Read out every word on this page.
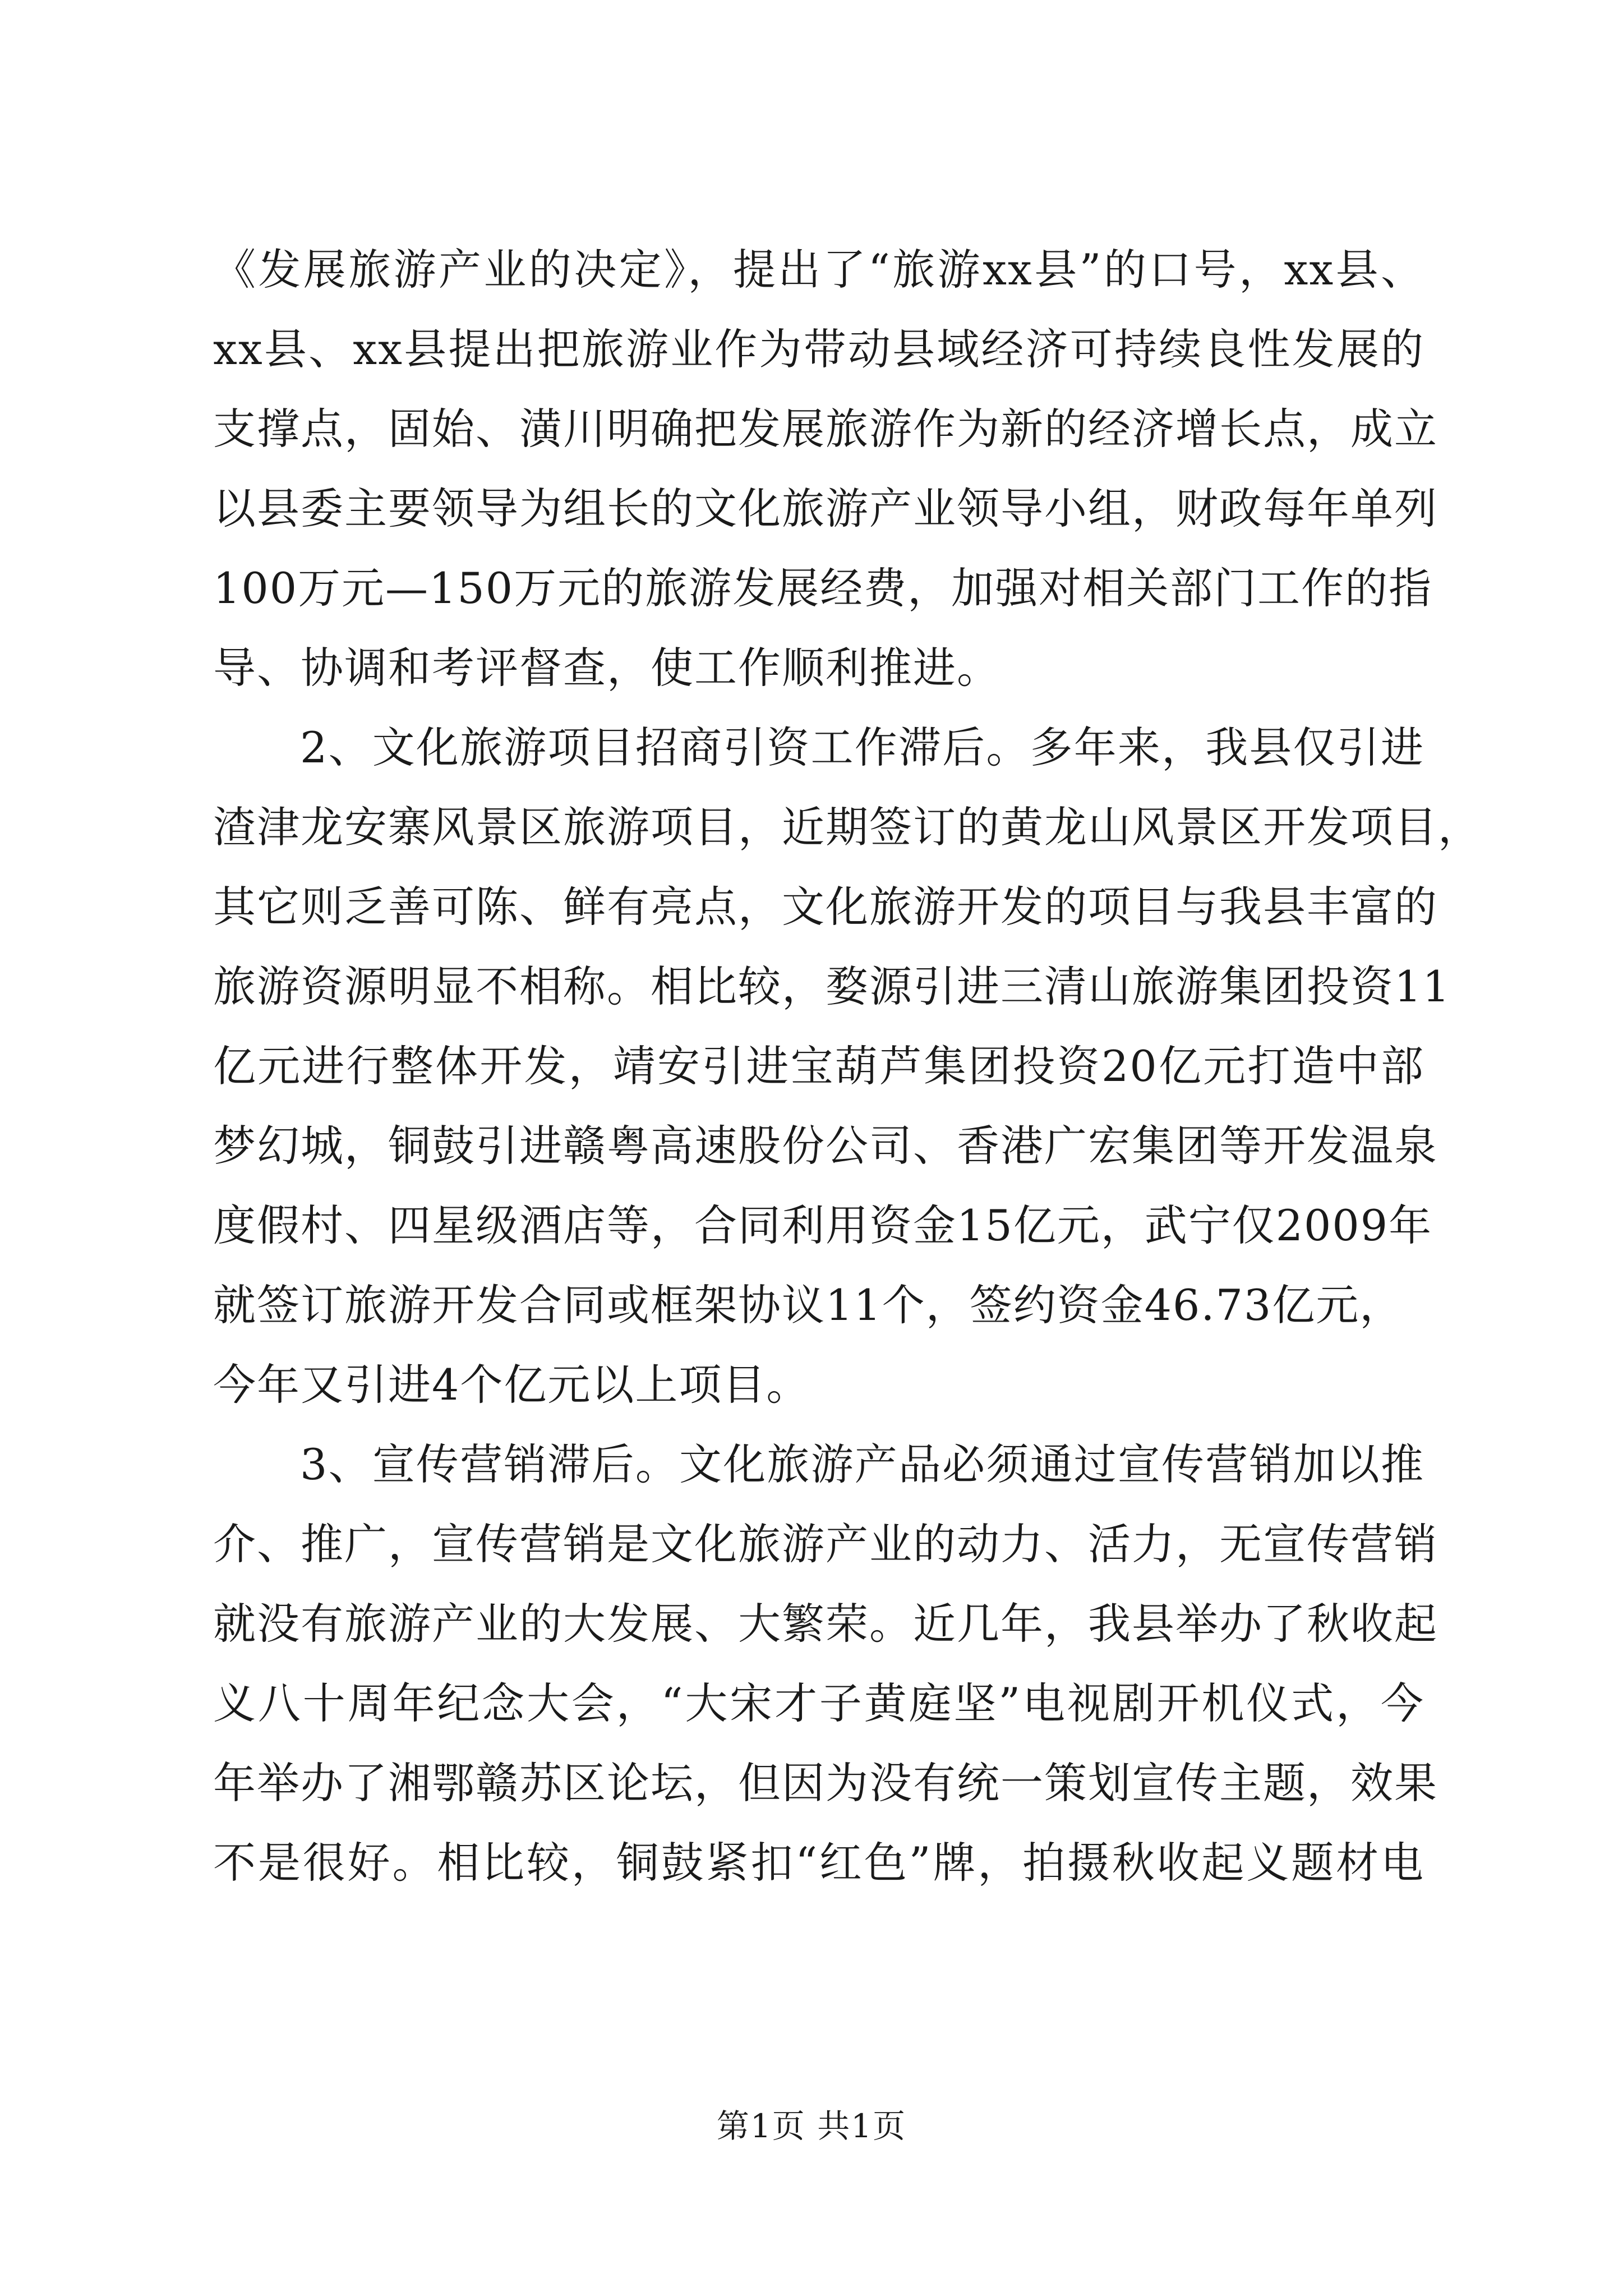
《发展旅游产业的决定》，提出了“旅游xx县”的口号，xx县、
xx县、xx县提出把旅游业作为带动县域经济可持续良性发展的
支撑点，固始、潢川明确把发展旅游作为新的经济增长点，成立
以县委主要领导为组长的文化旅游产业领导小组，财政每年单列
100万元—150万元的旅游发展经费，加强对相关部门工作的指
导、协调和考评督查，使工作顺利推进。
2、文化旅游项目招商引资工作滞后。多年来，我县仅引进
渣津龙安寨风景区旅游项目，近期签订的黄龙山风景区开发项目，
其它则乏善可陈、鲜有亮点，文化旅游开发的项目与我县丰富的
旅游资源明显不相称。相比较，婺源引进三清山旅游集团投资11
亿元进行整体开发，靖安引进宝葫芦集团投资20亿元打造中部
梦幻城，铜鼓引进赣粤高速股份公司、香港广宏集团等开发温泉
度假村、四星级酒店等，合同利用资金15亿元，武宁仅2009年
就签订旅游开发合同或框架协议11个，签约资金46.73亿元，
今年又引进4个亿元以上项目。
3、宣传营销滞后。文化旅游产品必须通过宣传营销加以推
介、推广，宣传营销是文化旅游产业的动力、活力，无宣传营销
就没有旅游产业的大发展、大繁荣。近几年，我县举办了秋收起
义八十周年纪念大会，“大宋才子黄庭坚”电视剧开机仪式，今
年举办了湘鄂赣苏区论坛，但因为没有统一策划宣传主题，效果
不是很好。相比较，铜鼓紧扣“红色”牌，拍摄秋收起义题材电
第1页 共1页
